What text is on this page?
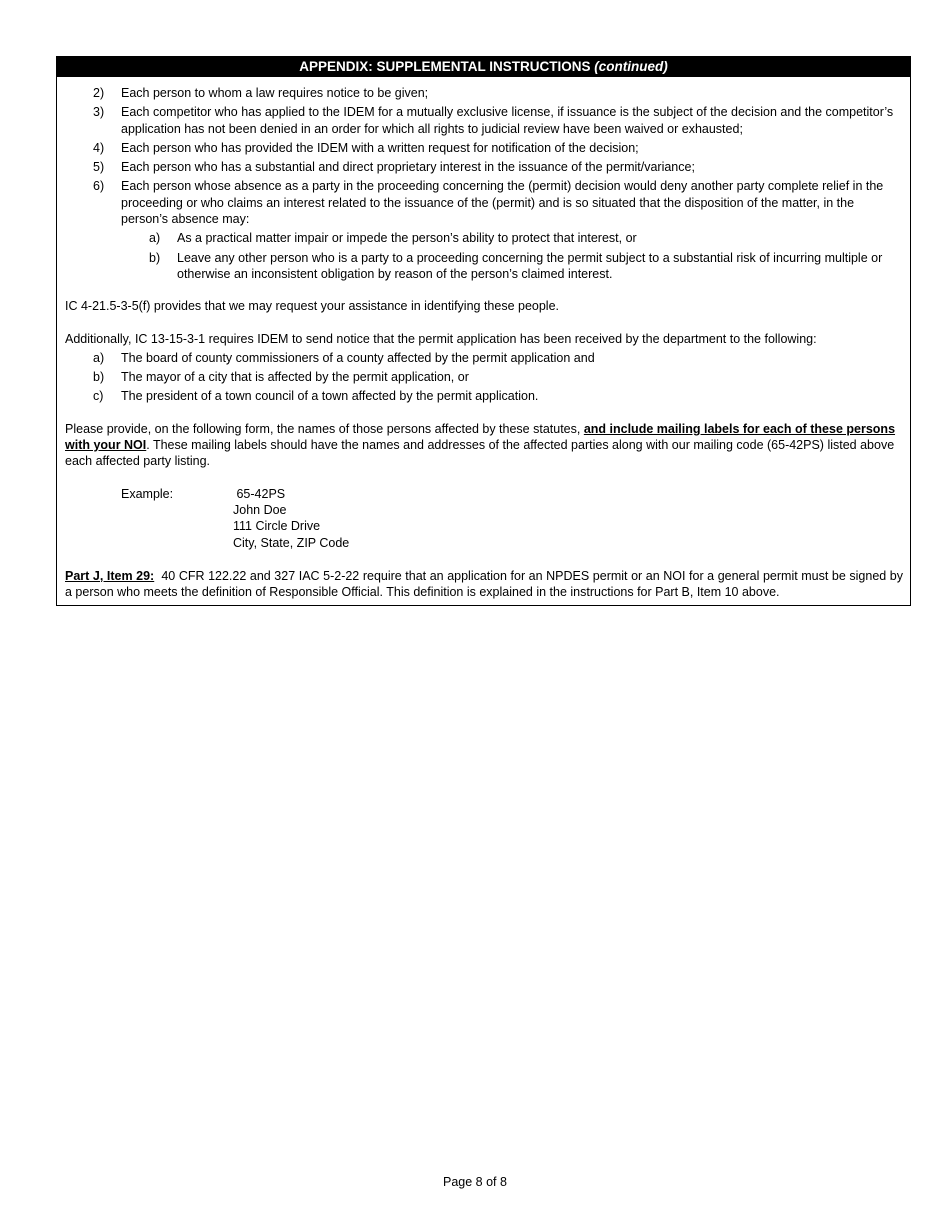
APPENDIX: SUPPLEMENTAL INSTRUCTIONS (continued)
2) Each person to whom a law requires notice to be given;
3) Each competitor who has applied to the IDEM for a mutually exclusive license, if issuance is the subject of the decision and the competitor’s application has not been denied in an order for which all rights to judicial review have been waived or exhausted;
4) Each person who has provided the IDEM with a written request for notification of the decision;
5) Each person who has a substantial and direct proprietary interest in the issuance of the permit/variance;
6) Each person whose absence as a party in the proceeding concerning the (permit) decision would deny another party complete relief in the proceeding or who claims an interest related to the issuance of the (permit) and is so situated that the disposition of the matter, in the person’s absence may:
a) As a practical matter impair or impede the person’s ability to protect that interest, or
b) Leave any other person who is a party to a proceeding concerning the permit subject to a substantial risk of incurring multiple or otherwise an inconsistent obligation by reason of the person’s claimed interest.

IC 4-21.5-3-5(f) provides that we may request your assistance in identifying these people.

Additionally, IC 13-15-3-1 requires IDEM to send notice that the permit application has been received by the department to the following:

a) The board of county commissioners of a county affected by the permit application and
b) The mayor of a city that is affected by the permit application, or
c) The president of a town council of a town affected by the permit application.

Please provide, on the following form, the names of those persons affected by these statutes, and include mailing labels for each of these persons with your NOI. These mailing labels should have the names and addresses of the affected parties along with our mailing code (65-42PS) listed above each affected party listing.

Example:	65-42PS
John Doe
111 Circle Drive
City, State, ZIP Code

Part J, Item 29:  40 CFR 122.22 and 327 IAC 5-2-22 require that an application for an NPDES permit or an NOI for a general permit must be signed by a person who meets the definition of Responsible Official. This definition is explained in the instructions for Part B, Item 10 above.

Page 8 of 8
